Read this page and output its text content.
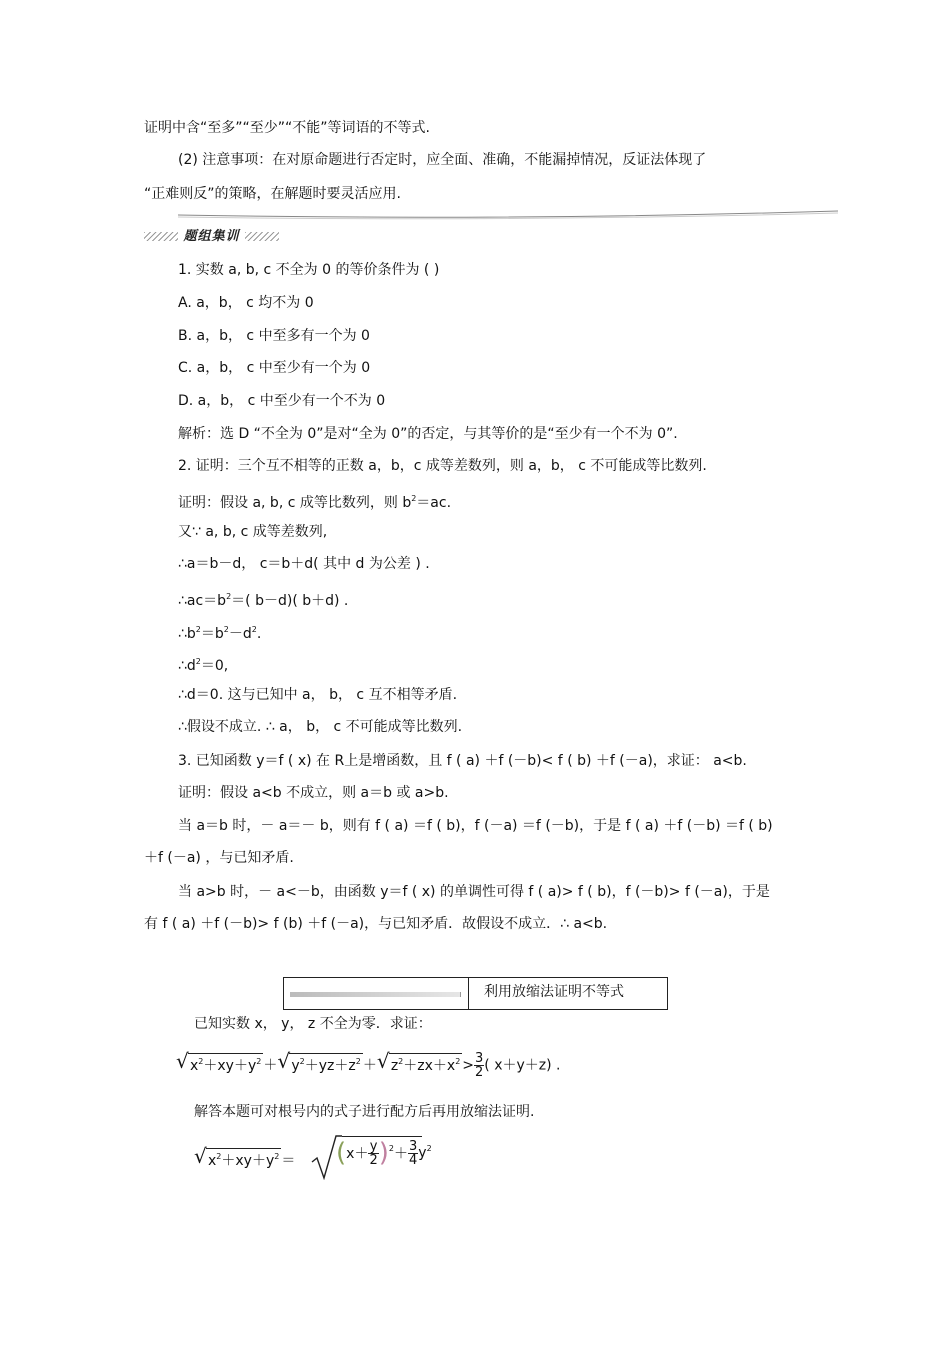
证明中含“至多”“至少”“不能”等词语的不等式.
(2) 注意事项：在对原命题进行否定时，应全面、准确，不能漏掉情况，反证法体现了
“正难则反”的策略，在解题时要灵活应用.
题组集训
1. 实数 a, b, c 不全为 0 的等价条件为 ( )
A. a，b， c 均不为 0
B. a，b， c 中至多有一个为 0
C. a，b， c 中至少有一个为 0
D. a，b， c 中至少有一个不为 0
解析：选 D “不全为 0”是对“全为 0”的否定，与其等价的是“至少有一个不为 0”.
2. 证明：三个互不相等的正数 a，b，c 成等差数列，则 a，b， c 不可能成等比数列.
证明：假设 a, b, c 成等比数列，则 $b^2=ac$.
又∵ a, b, c 成等差数列,
∴a＝b－d， c＝b＋d( 其中 d 为公差 ) .
$\therefore ac=b^2=$( b－d)( b＋d) .
$\therefore b^2=b^2-d^2$.
$\therefore d^2=0$,
∴d＝0. 这与已知中 a， b， c 互不相等矛盾.
∴假设不成立. ∴ a， b， c 不可能成等比数列.
3. 已知函数 y＝f ( x) 在 R上是增函数，且 f ( a) ＋f (－b)< f ( b) ＋f (－a)，求证： a<b.
证明：假设 a<b 不成立，则 a＝b 或 a>b.
当 a＝b 时，－ a＝－ b，则有 f ( a) ＝f ( b)，f (－a) ＝f (－b)，于是 f ( a) ＋f (－b) ＝f ( b)
＋f (－a) ，与已知矛盾.
当 a>b 时，－ a<－b，由函数 y＝f ( x) 的单调性可得 f ( a)> f ( b)，f (－b)> f (－a)，于是
有 f ( a) ＋f (－b)> f (b) ＋f (－a)，与已知矛盾．故假设不成立．∴ a<b.
利用放缩法证明不等式
已知实数 x， y， z 不全为零．求证：
√ $x^2+xy+y^2$ ＋ √ $y^2+yz+z^2$ ＋ √ $z^2+zx+x^2 > \frac{3}{2}$ ( x＋y＋z) .
解答本题可对根号内的式子进行配方后再用放缩法证明.
√ $x^2+xy+y^2 = (x+ \frac{y}{2} )^2+ \frac{3}{4} y^2$
